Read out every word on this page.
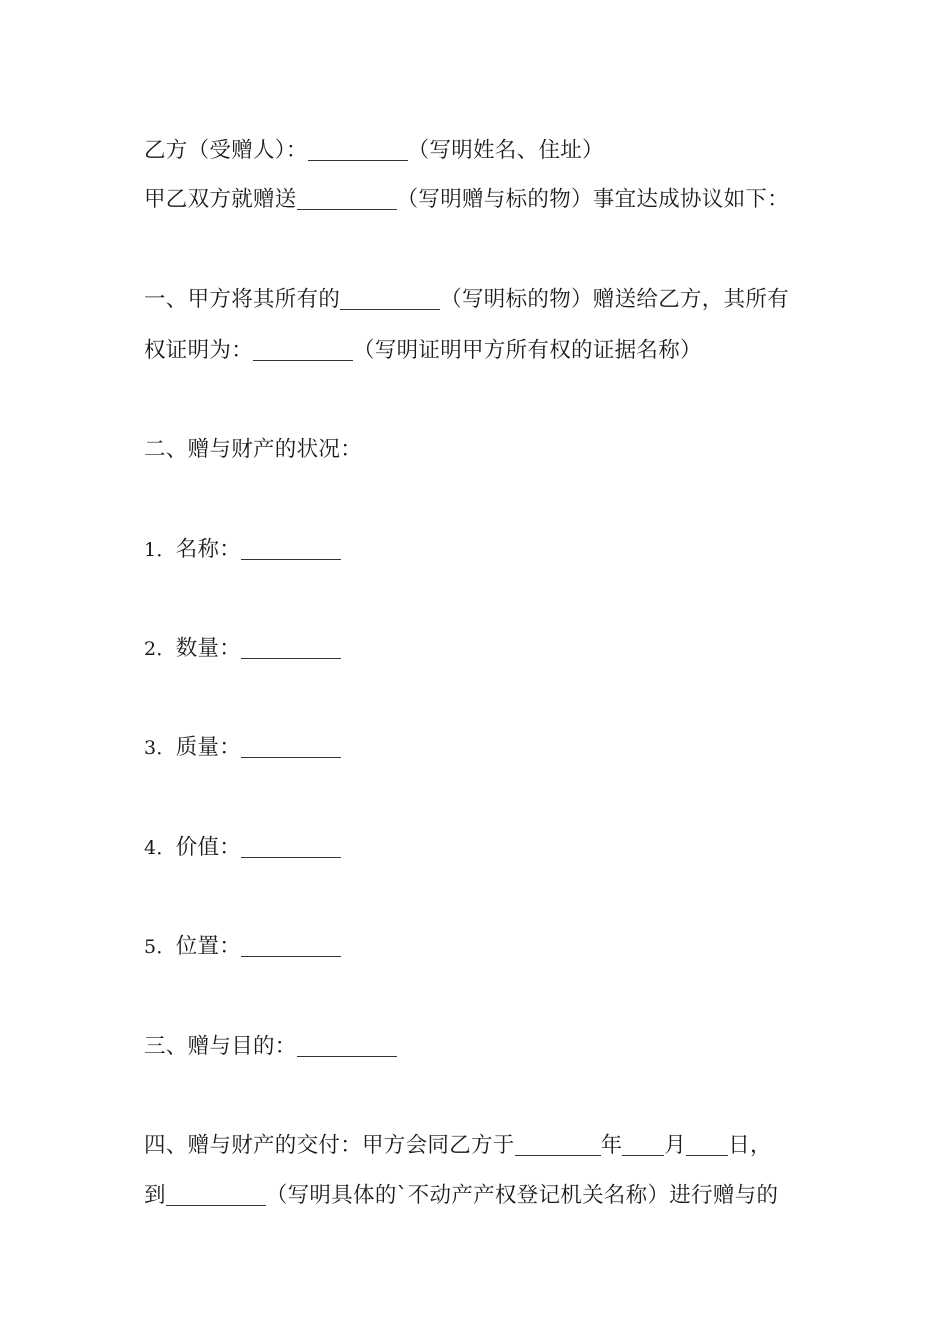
乙方（受赠人）：	（写明姓名、住址）
甲乙双方就赠送	（写明赠与标的物）事宜达成协议如下：
一、甲方将其所有的	（写明标的物）赠送给乙方，其所有
权证明为：	（写明证明甲方所有权的证据名称）
二、赠与财产的状况：
1．名称：
2．数量：
3．质量：
4．价值：
5．位置：
三、赠与目的：
四、赠与财产的交付：甲方会同乙方于	年 月 日，
到	（写明具体的`不动产产权登记机关名称）进行赠与的
